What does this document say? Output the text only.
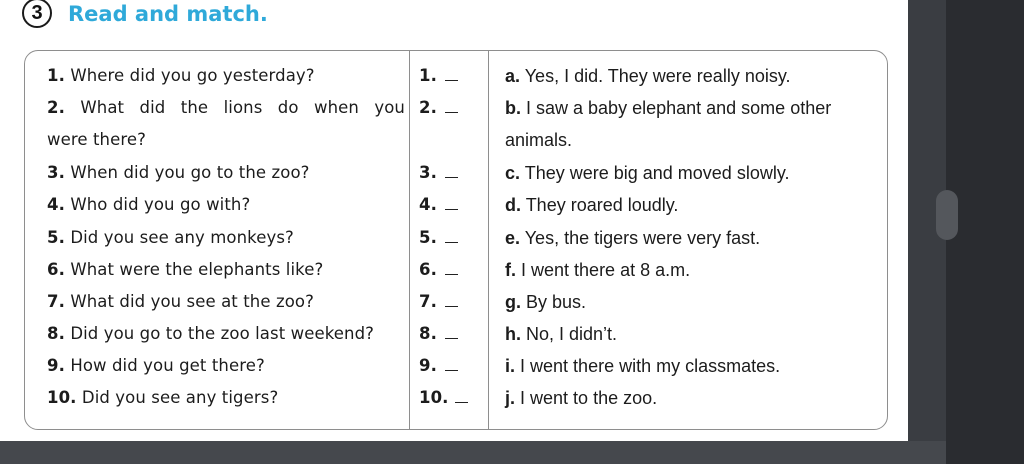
3	Read and match.
1. Where did you go yesterday?
2. What did the lions do when you
were there?
3. When did you go to the zoo?
4. Who did you go with?
5. Did you see any monkeys?
6. What were the elephants like?
7. What did you see at the zoo?
8. Did you go to the zoo last weekend?
9. How did you get there?
10. Did you see any tigers?
1.
2.
3.
4.
5.
6.
7.
8.
9.
10.
a. Yes, I did. They were really noisy.
b. I saw a baby elephant and some other
animals.
c. They were big and moved slowly.
d. They roared loudly.
e. Yes, the tigers were very fast.
f. I went there at 8 a.m.
g. By bus.
h. No, I didn’t.
i. I went there with my classmates.
j. I went to the zoo.
